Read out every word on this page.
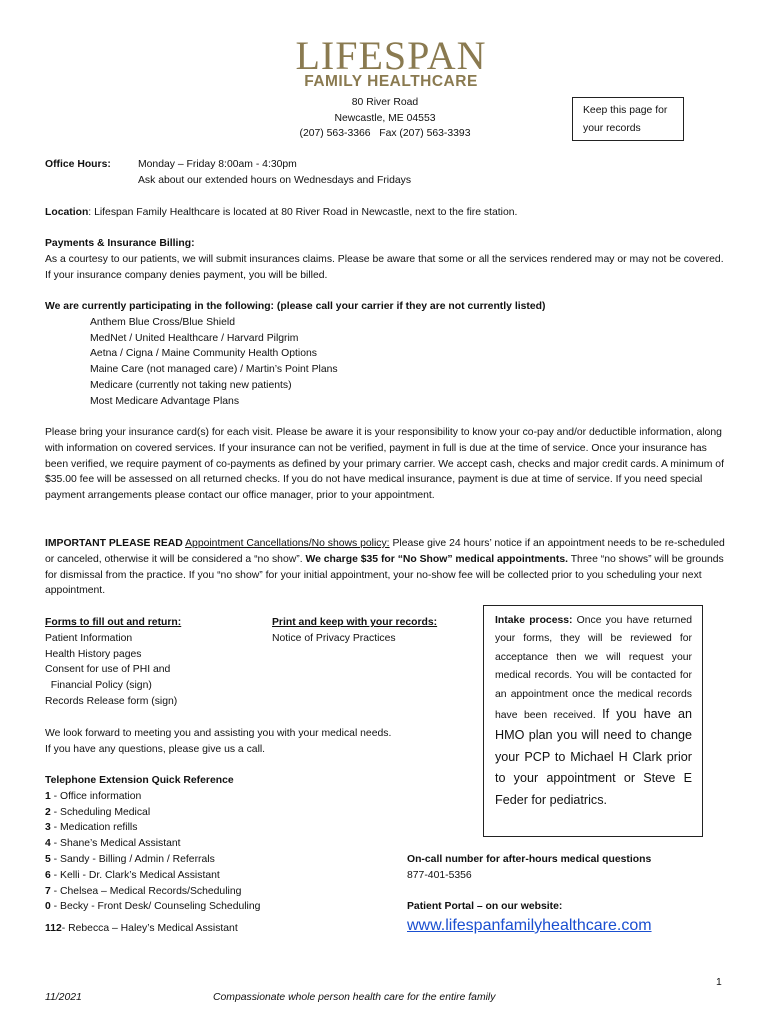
LIFESPAN
FAMILY HEALTHCARE
80 River Road
Newcastle, ME 04553
(207) 563-3366   Fax (207) 563-3393
Keep this page for
your records
Office Hours:	Monday – Friday 8:00am - 4:30pm
Ask about our extended hours on Wednesdays and Fridays
Location: Lifespan Family Healthcare is located at 80 River Road in Newcastle, next to the fire station.
Payments & Insurance Billing:
As a courtesy to our patients, we will submit insurances claims. Please be aware that some or all the services rendered may or may not be covered. If your insurance company denies payment, you will be billed.
We are currently participating in the following: (please call your carrier if they are not currently listed)
Anthem Blue Cross/Blue Shield
MedNet / United Healthcare / Harvard Pilgrim
Aetna / Cigna / Maine Community Health Options
Maine Care (not managed care) / Martin’s Point Plans
Medicare (currently not taking new patients)
Most Medicare Advantage Plans
Please bring your insurance card(s) for each visit. Please be aware it is your responsibility to know your co-pay and/or deductible information, along with information on covered services. If your insurance can not be verified, payment in full is due at the time of service. Once your insurance has been verified, we require payment of co-payments as defined by your primary carrier. We accept cash, checks and major credit cards. A minimum of $35.00 fee will be assessed on all returned checks. If you do not have medical insurance, payment is due at time of service. If you need special payment arrangements please contact our office manager, prior to your appointment.
IMPORTANT PLEASE READ Appointment Cancellations/No shows policy: Please give 24 hours’ notice if an appointment needs to be re-scheduled or canceled, otherwise it will be considered a “no show”. We charge $35 for “No Show” medical appointments. Three “no shows” will be grounds for dismissal from the practice. If you “no show” for your initial appointment, your no-show fee will be collected prior to you scheduling your next appointment.
Forms to fill out and return:
Patient Information
Health History pages
Consent for use of PHI and
Financial Policy (sign)
Records Release form (sign)
Print and keep with your records:
Notice of Privacy Practices
Intake process: Once you have returned your forms, they will be reviewed for acceptance then we will request your medical records. You will be contacted for an appointment once the medical records have been received. If you have an HMO plan you will need to change your PCP to Michael H Clark prior to your appointment or Steve E Feder for pediatrics.
We look forward to meeting you and assisting you with your medical needs.
If you have any questions, please give us a call.
Telephone Extension Quick Reference
1 - Office information
2 - Scheduling Medical
3 - Medication refills
4 - Shane’s Medical Assistant
5 - Sandy - Billing / Admin / Referrals
6 - Kelli - Dr. Clark’s Medical Assistant
7 - Chelsea – Medical Records/Scheduling
0 - Becky - Front Desk/ Counseling Scheduling
112- Rebecca – Haley’s Medical Assistant
On-call number for after-hours medical questions
877-401-5356
Patient Portal – on our website:
www.lifespanfamilyhealthcare.com
1
11/2021	Compassionate whole person health care for the entire family
